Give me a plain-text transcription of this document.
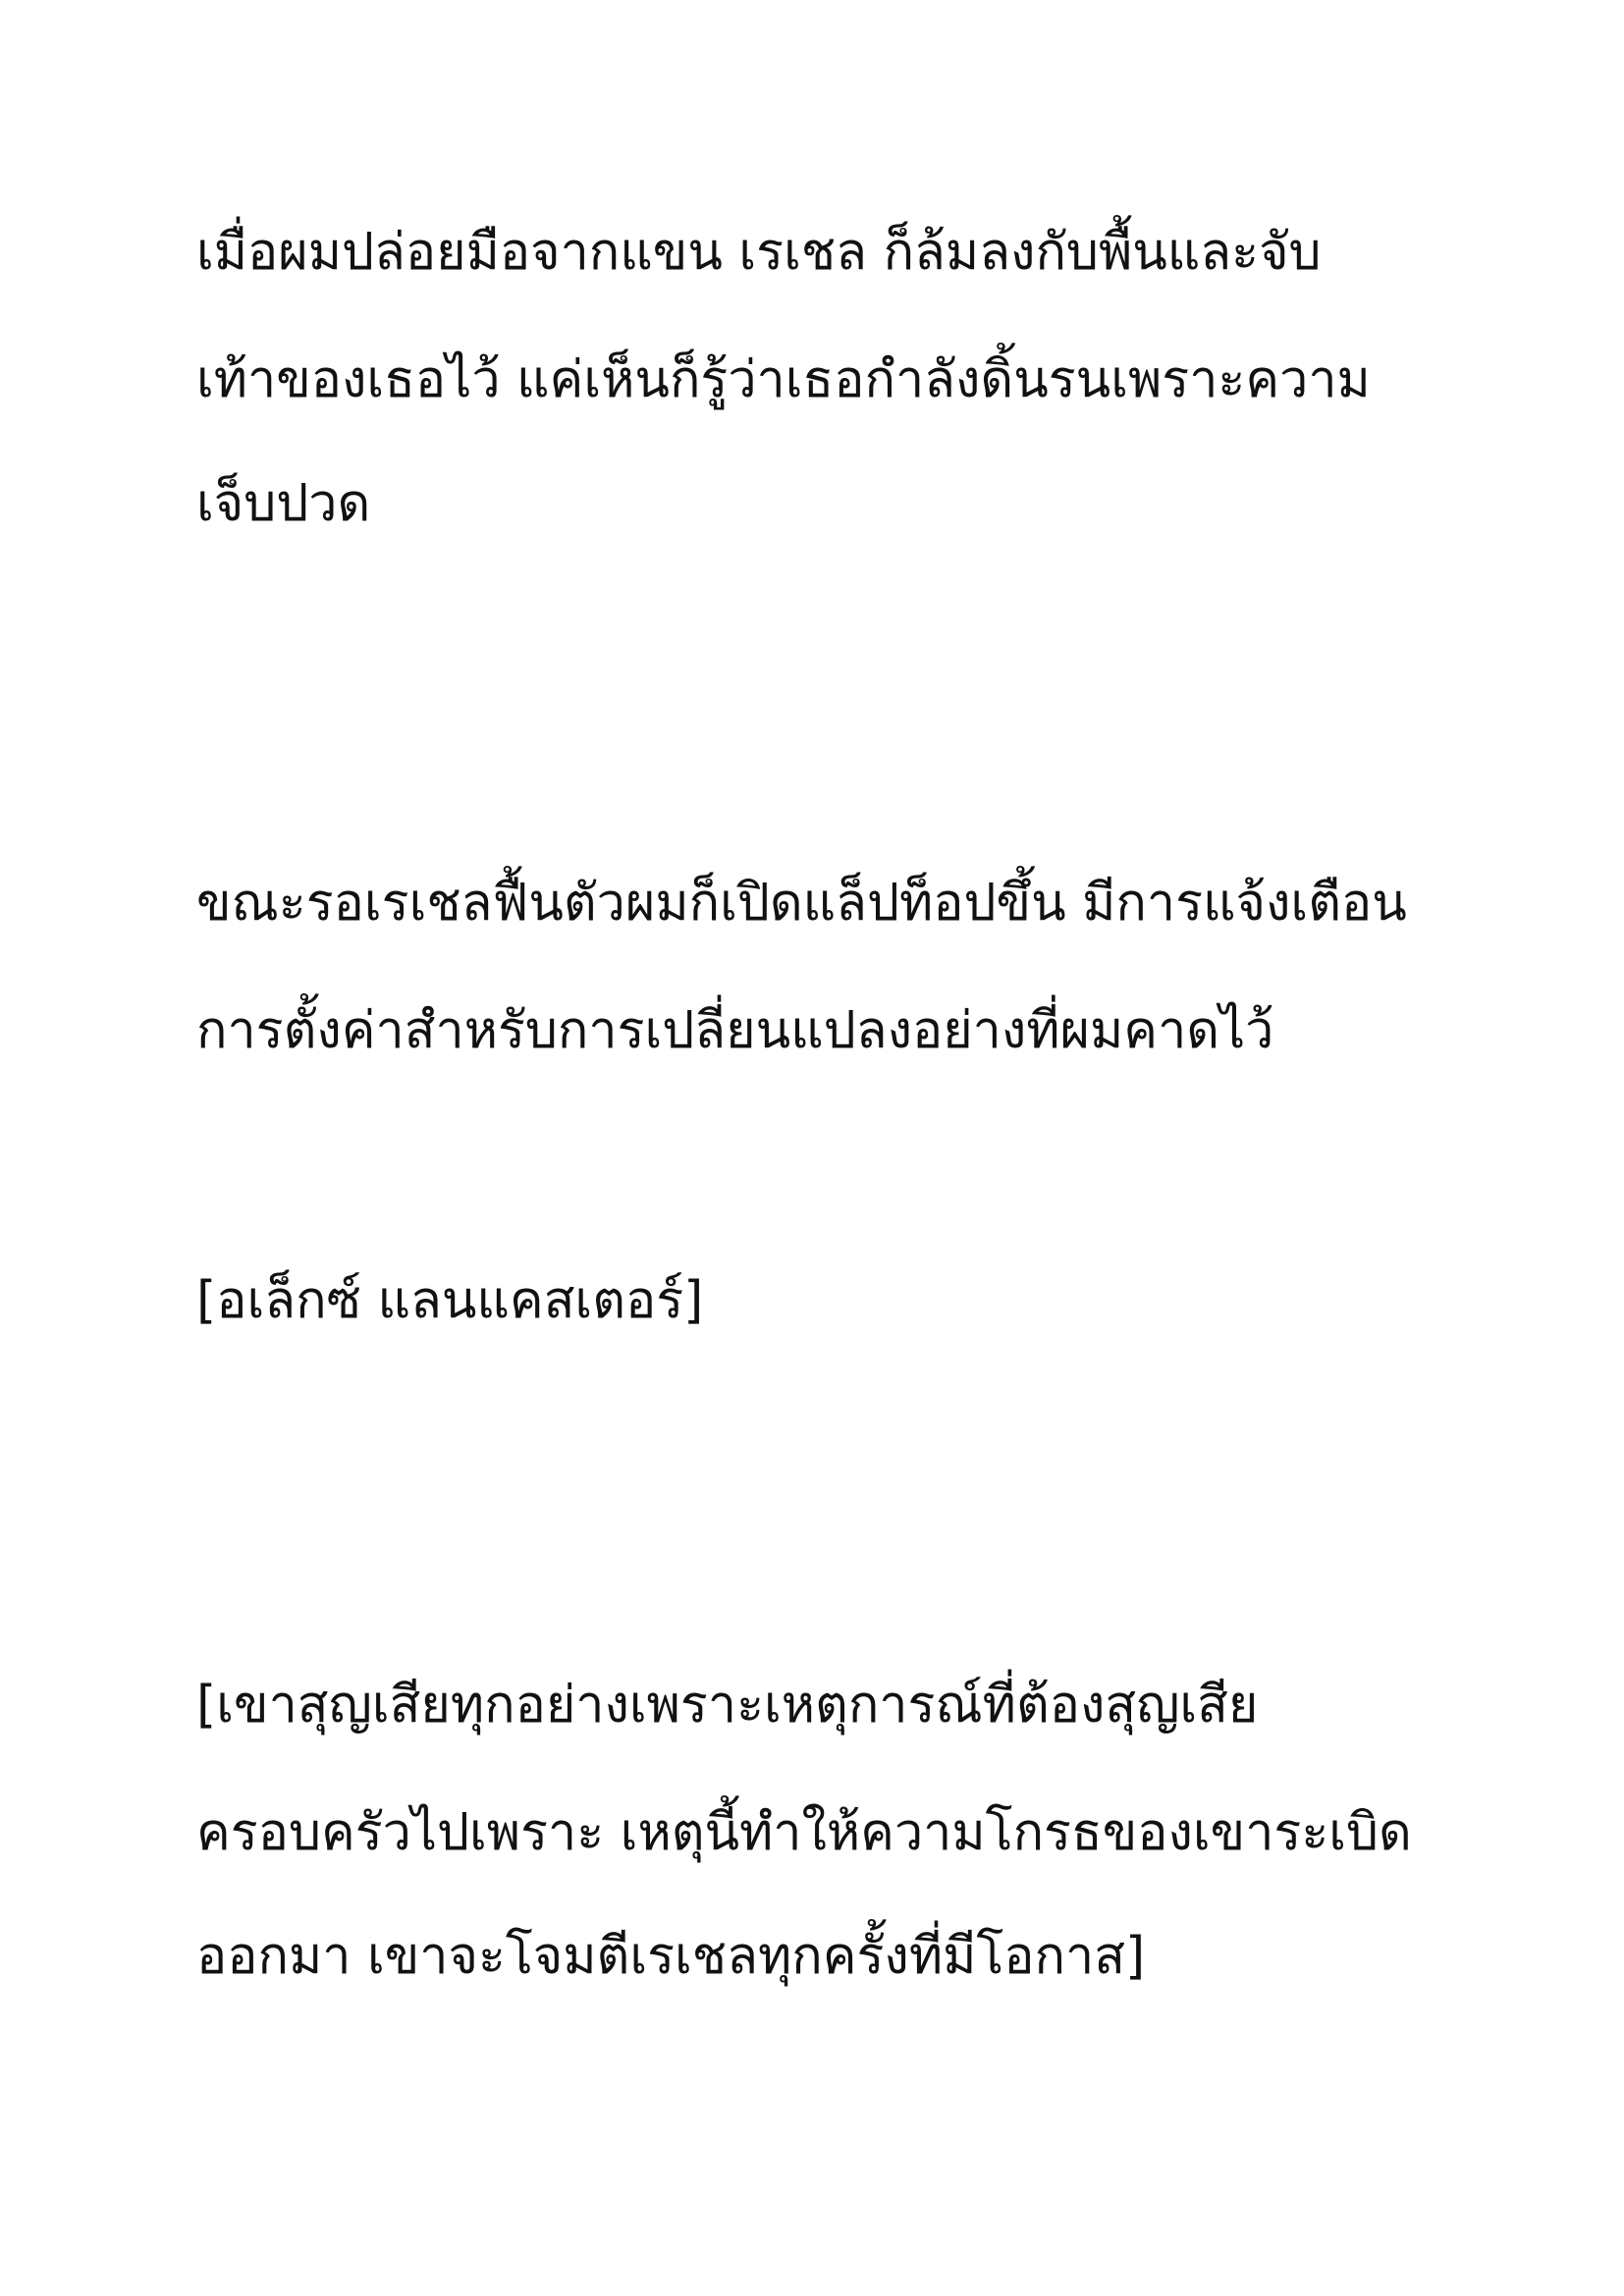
เมื่อผมปล่อยมือจากแขน เรเชล ก็ล้มลงกับพื้นและจับ
เท้าของเธอไว้ แค่เห็นก็รู้ว่าเธอกำลังดิ้นรนเพราะความ
เจ็บปวด
ขณะรอเรเชลฟื้นตัวผมก็เปิดแล็ปท็อปขึ้น มีการแจ้งเตือน
การตั้งค่าสำหรับการเปลี่ยนแปลงอย่างที่ผมคาดไว้
[อเล็กซ์ แลนแคสเตอร์]
[เขาสุญเสียทุกอย่างเพราะเหตุการณ์ที่ต้องสุญเสีย
ครอบครัวไปเพราะ เหตุนี้ทำให้ความโกรธของเขาระเบิด
ออกมา เขาจะโจมตีเรเชลทุกครั้งที่มีโอกาส]
